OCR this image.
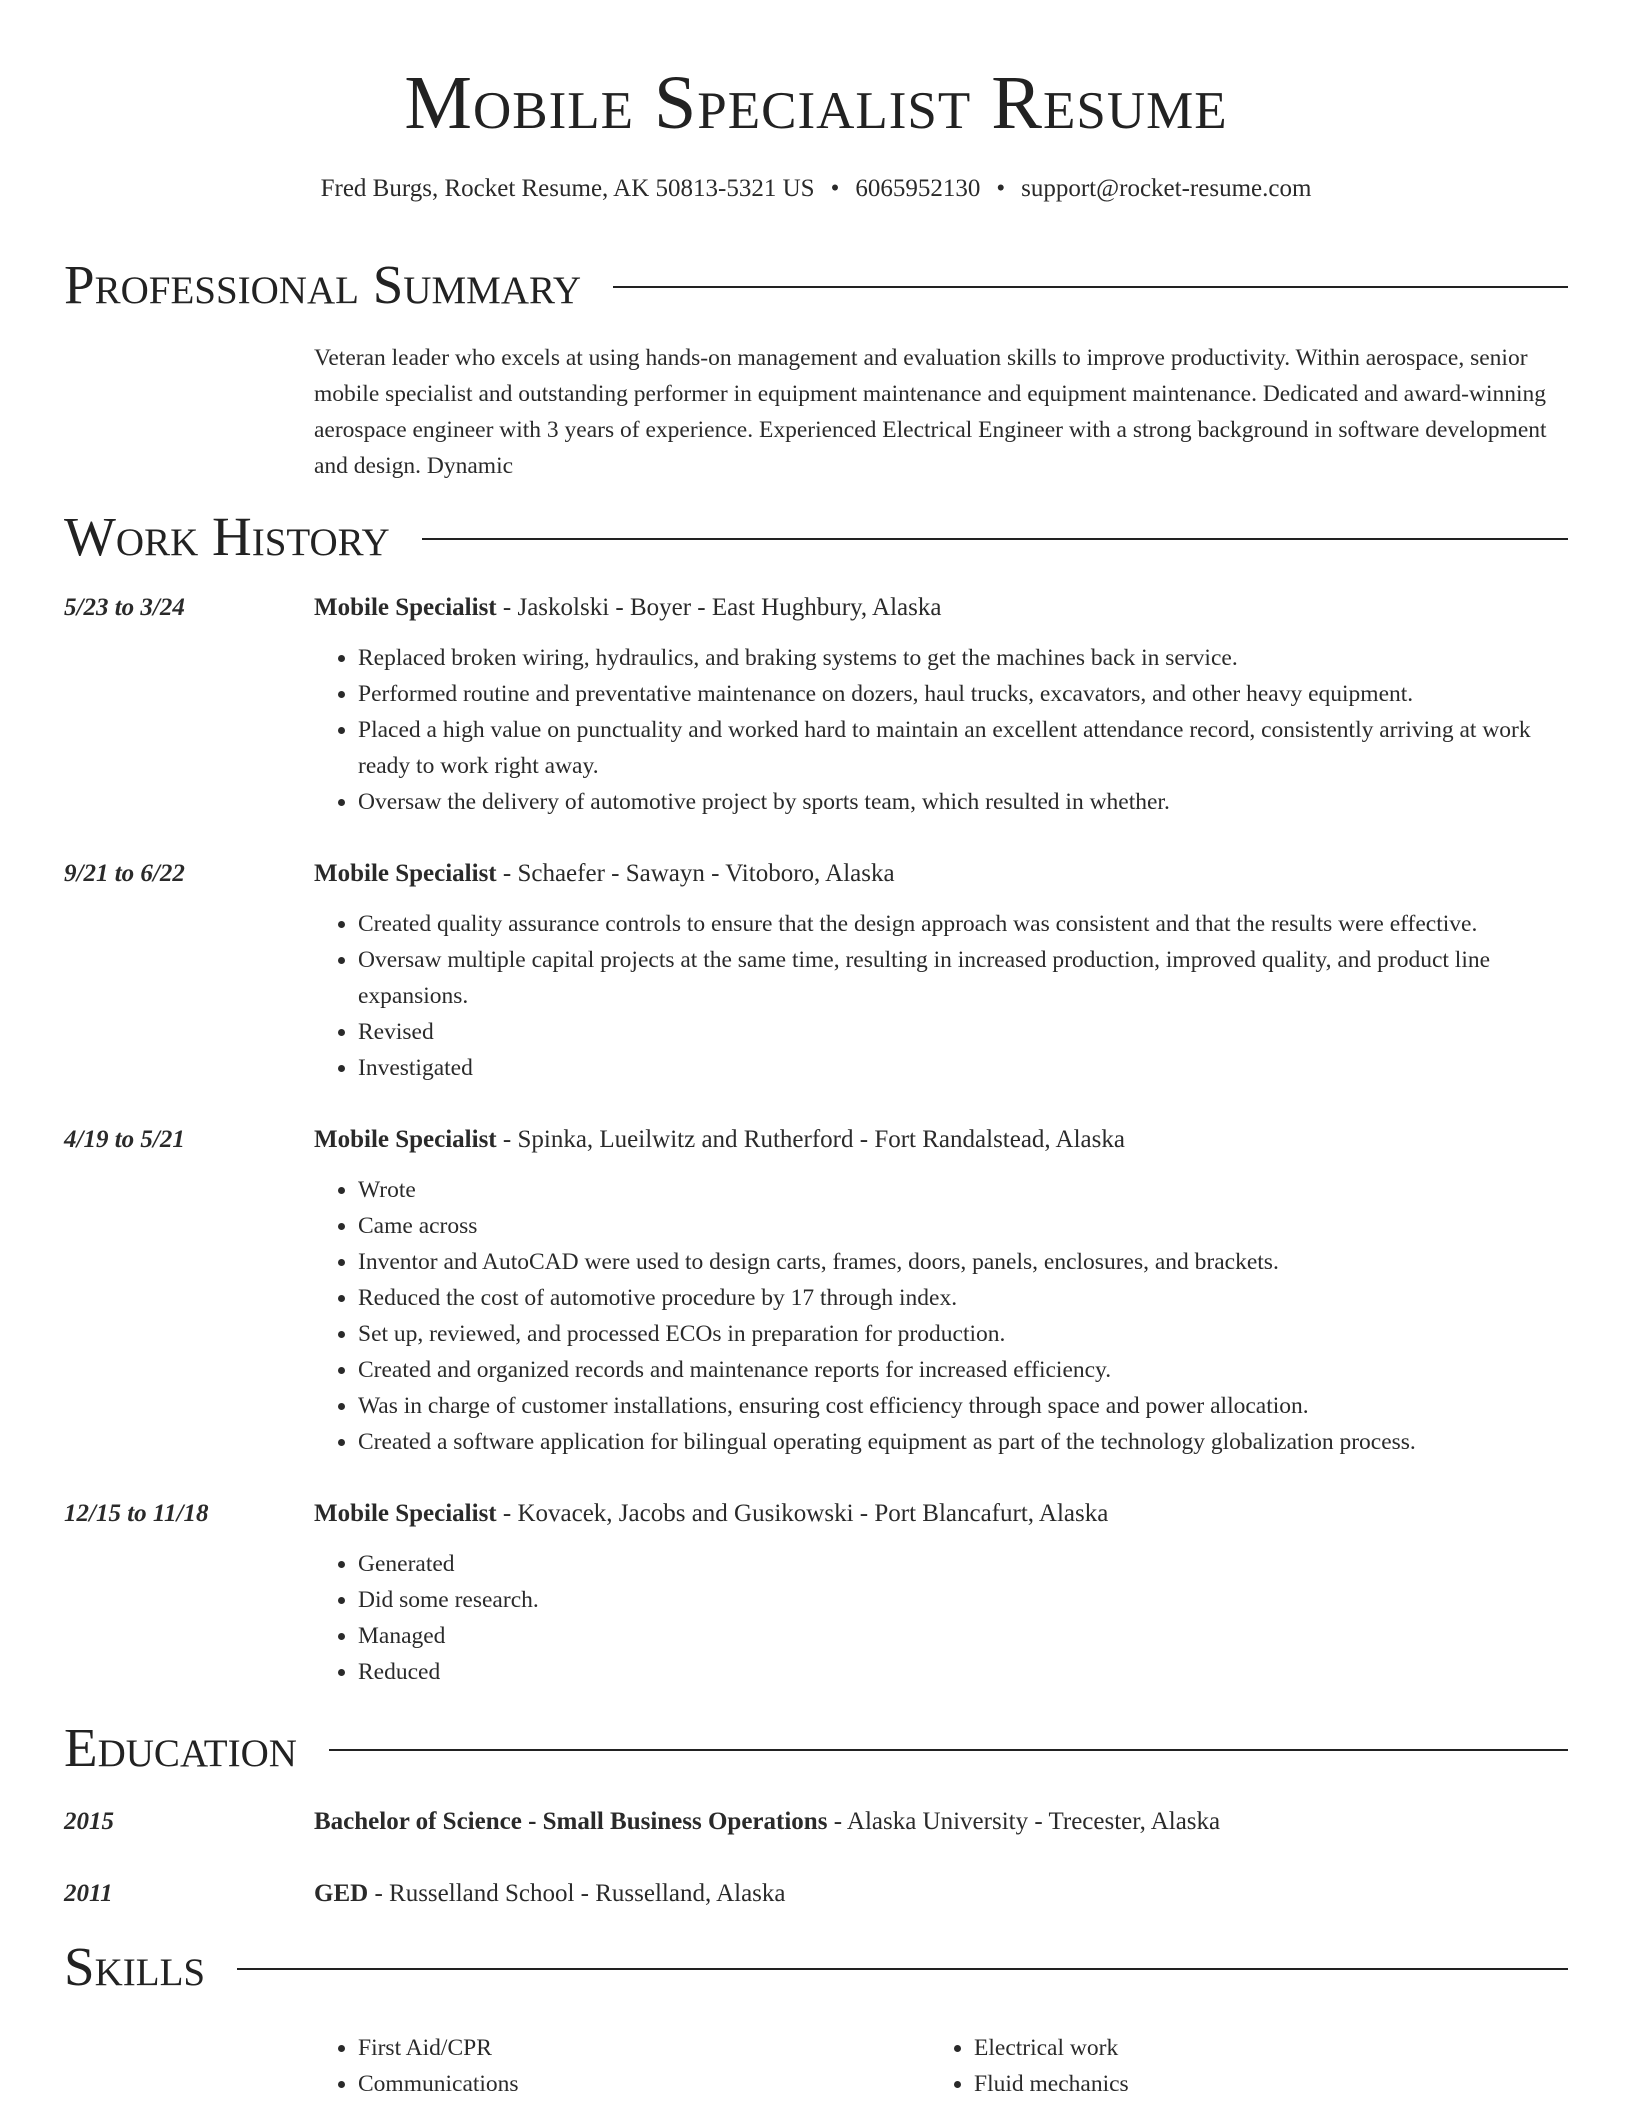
Mobile Specialist Resume
Fred Burgs, Rocket Resume, AK 50813-5321 US • 6065952130 • support@rocket-resume.com
Professional Summary
Veteran leader who excels at using hands-on management and evaluation skills to improve productivity. Within aerospace, senior mobile specialist and outstanding performer in equipment maintenance and equipment maintenance. Dedicated and award-winning aerospace engineer with 3 years of experience. Experienced Electrical Engineer with a strong background in software development and design. Dynamic
Work History
5/23 to 3/24	Mobile Specialist - Jaskolski - Boyer - East Hughbury, Alaska
• Replaced broken wiring, hydraulics, and braking systems to get the machines back in service.
• Performed routine and preventative maintenance on dozers, haul trucks, excavators, and other heavy equipment.
• Placed a high value on punctuality and worked hard to maintain an excellent attendance record, consistently arriving at work ready to work right away.
• Oversaw the delivery of automotive project by sports team, which resulted in whether.
9/21 to 6/22	Mobile Specialist - Schaefer - Sawayn - Vitoboro, Alaska
• Created quality assurance controls to ensure that the design approach was consistent and that the results were effective.
• Oversaw multiple capital projects at the same time, resulting in increased production, improved quality, and product line expansions.
• Revised
• Investigated
4/19 to 5/21	Mobile Specialist - Spinka, Lueilwitz and Rutherford - Fort Randalstead, Alaska
• Wrote
• Came across
• Inventor and AutoCAD were used to design carts, frames, doors, panels, enclosures, and brackets.
• Reduced the cost of automotive procedure by 17 through index.
• Set up, reviewed, and processed ECOs in preparation for production.
• Created and organized records and maintenance reports for increased efficiency.
• Was in charge of customer installations, ensuring cost efficiency through space and power allocation.
• Created a software application for bilingual operating equipment as part of the technology globalization process.
12/15 to 11/18	Mobile Specialist - Kovacek, Jacobs and Gusikowski - Port Blancafurt, Alaska
• Generated
• Did some research.
• Managed
• Reduced
Education
2015	Bachelor of Science - Small Business Operations - Alaska University - Trecester, Alaska
2011	GED - Russelland School - Russelland, Alaska
Skills
• First Aid/CPR
• Communications
• Electrical work
• Fluid mechanics
